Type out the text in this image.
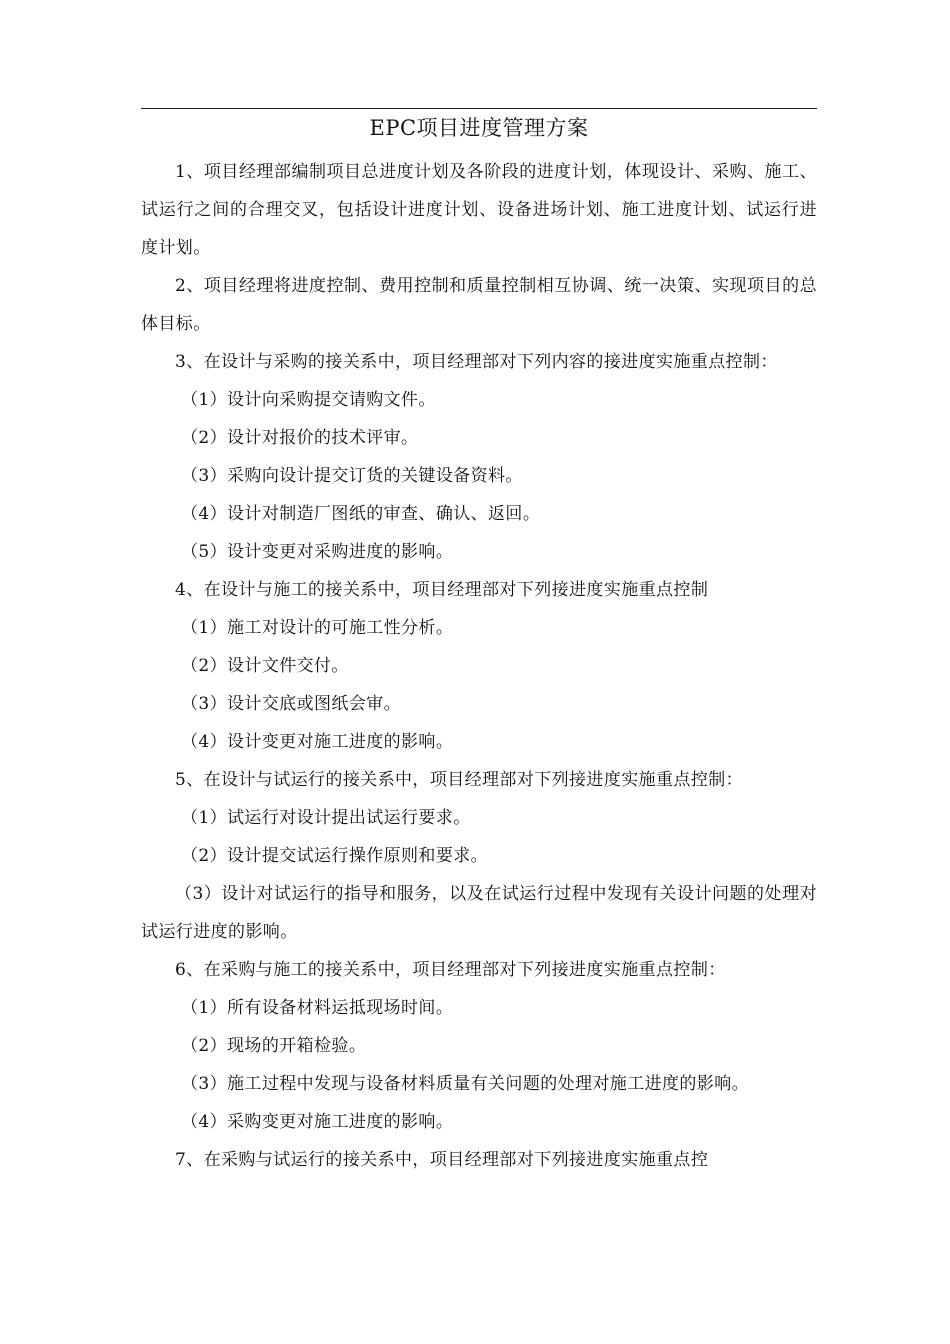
EPC项目进度管理方案

1、项目经理部编制项目总进度计划及各阶段的进度计划，体现设计、采购、施工、试运行之间的合理交叉，包括设计进度计划、设备进场计划、施工进度计划、试运行进度计划。

2、项目经理将进度控制、费用控制和质量控制相互协调、统一决策、实现项目的总体目标。

3、在设计与采购的接关系中，项目经理部对下列内容的接进度实施重点控制：

（1）设计向采购提交请购文件。

（2）设计对报价的技术评审。

（3）采购向设计提交订货的关键设备资料。

（4）设计对制造厂图纸的审查、确认、返回。

（5）设计变更对采购进度的影响。

4、在设计与施工的接关系中，项目经理部对下列接进度实施重点控制

（1）施工对设计的可施工性分析。

（2）设计文件交付。

（3）设计交底或图纸会审。

（4）设计变更对施工进度的影响。

5、在设计与试运行的接关系中，项目经理部对下列接进度实施重点控制：

（1）试运行对设计提出试运行要求。

（2）设计提交试运行操作原则和要求。

（3）设计对试运行的指导和服务，以及在试运行过程中发现有关设计问题的处理对试运行进度的影响。

6、在采购与施工的接关系中，项目经理部对下列接进度实施重点控制：

（1）所有设备材料运抵现场时间。

（2）现场的开箱检验。

（3）施工过程中发现与设备材料质量有关问题的处理对施工进度的影响。

（4）采购变更对施工进度的影响。

7、在采购与试运行的接关系中，项目经理部对下列接进度实施重点控
